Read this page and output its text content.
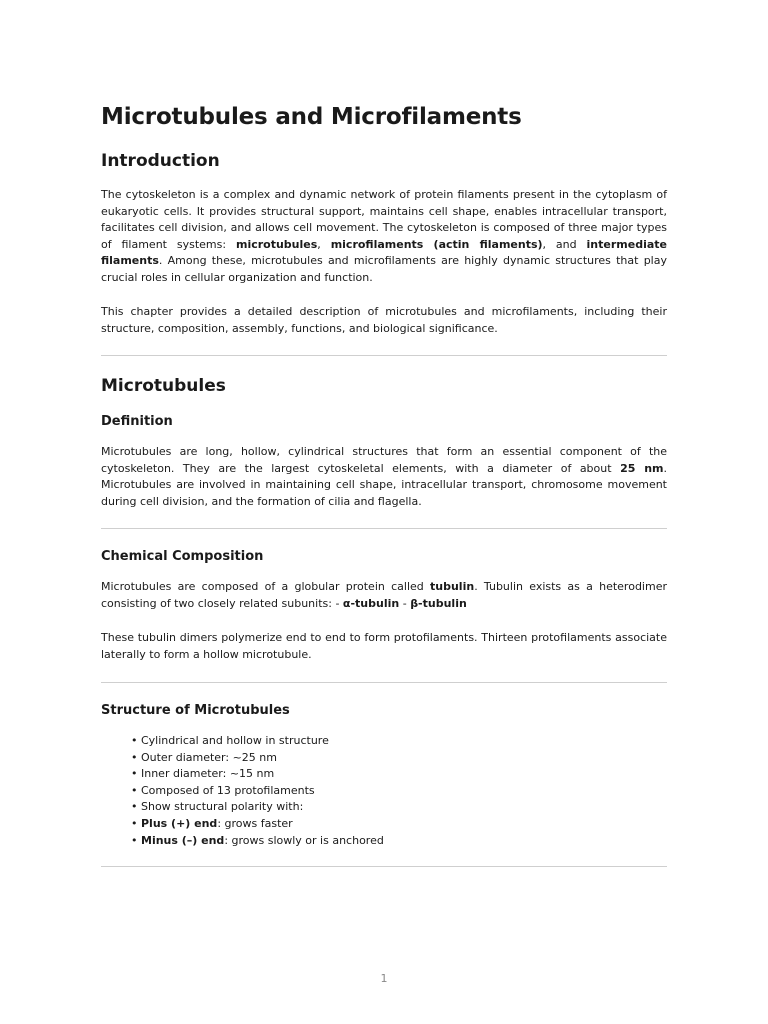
Microtubules and Microfilaments
Introduction

The cytoskeleton is a complex and dynamic network of protein filaments present in the cytoplasm of eukaryotic cells. It provides structural support, maintains cell shape, enables intracellular transport, facilitates cell division, and allows cell movement. The cytoskeleton is composed of three major types of filament systems: microtubules, microfilaments (actin filaments), and intermediate filaments. Among these, microtubules and microfilaments are highly dynamic structures that play crucial roles in cellular organization and function.

This chapter provides a detailed description of microtubules and microfilaments, including their structure, composition, assembly, functions, and biological significance.

Microtubules
Definition

Microtubules are long, hollow, cylindrical structures that form an essential component of the cytoskeleton. They are the largest cytoskeletal elements, with a diameter of about 25 nm. Microtubules are involved in maintaining cell shape, intracellular transport, chromosome movement during cell division, and the formation of cilia and flagella.

Chemical Composition

Microtubules are composed of a globular protein called tubulin. Tubulin exists as a heterodimer consisting of two closely related subunits: - α-tubulin - β-tubulin

These tubulin dimers polymerize end to end to form protofilaments. Thirteen protofilaments associate laterally to form a hollow microtubule.

Structure of Microtubules
• Cylindrical and hollow in structure
• Outer diameter: ~25 nm
• Inner diameter: ~15 nm
• Composed of 13 protofilaments
• Show structural polarity with:
• Plus (+) end: grows faster
• Minus (–) end: grows slowly or is anchored
1
